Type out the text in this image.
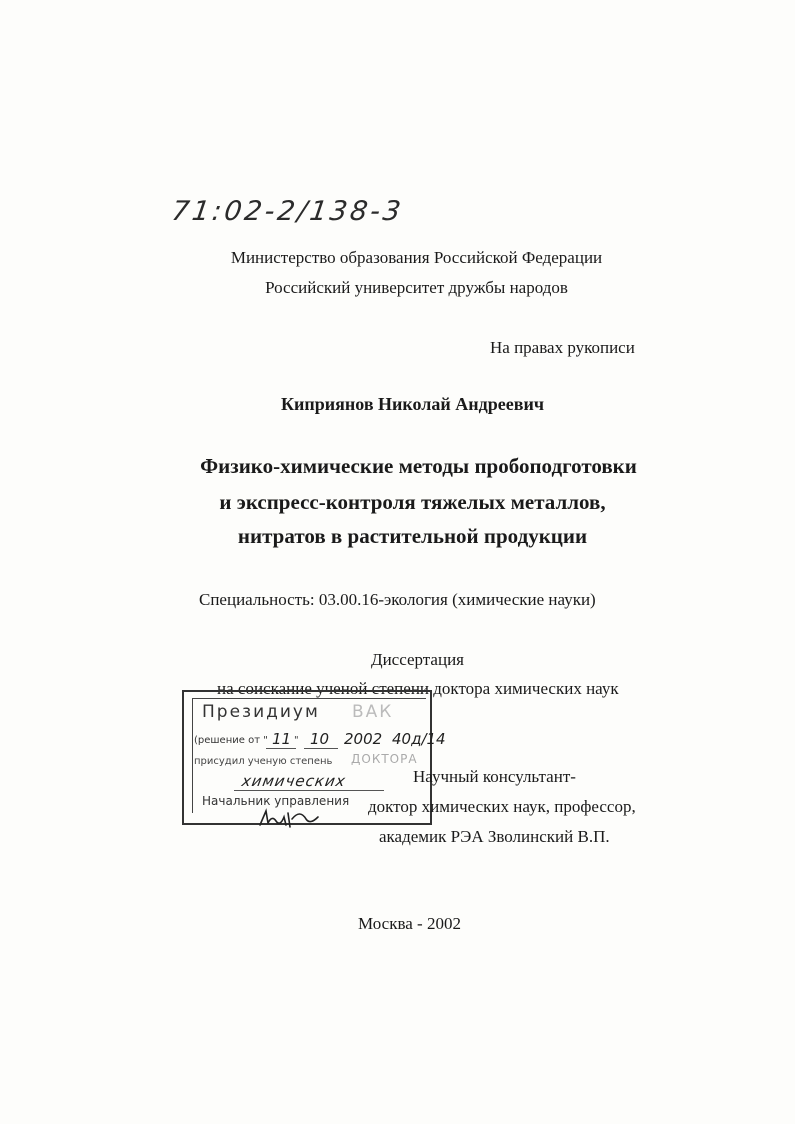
71:02-2/138-3
Министерство образования Российской Федерации
Российский университет дружбы народов
На правах рукописи
Киприянов Николай Андреевич
Физико-химические методы пробоподготовки
и экспресс-контроля тяжелых металлов,
нитратов в растительной продукции
Специальность: 03.00.16-экология (химические науки)
Диссертация
на соискание ученой степени доктора химических наук
Президиум ВАК
(решение от " 11 " 10 2002 40д/14
присудил ученую степень ДОКТОРА
химических
Начальник управления
Научный консультант-
доктор химических наук, профессор,
академик РЭА Зволинский В.П.
Москва - 2002
